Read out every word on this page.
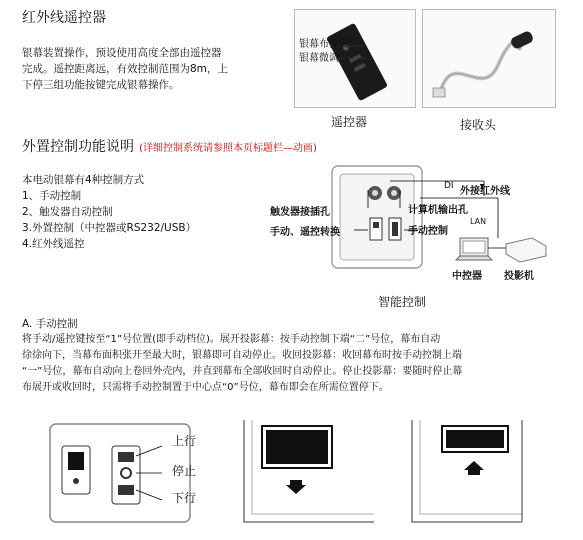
红外线遥控器
银幕装置操作，预设使用高度全部由遥控器
完成。遥控距离远，有效控制范围为8m，上
下停三组功能按键完成银幕操作。
银幕布控制
银幕微调
遥控器	接收头
外置控制功能说明 (详细控制系统请参照本页标题栏—动画)
本电动银幕有4种控制方式
1、手动控制
2、触发器自动控制
3.外置控制（中控器或RS232/USB）
4.红外线遥控
触发器接插孔
手动、遥控转换
DI 外接红外线
计算机输出孔
手动控制
LAN
中控器 投影机
智能控制
A. 手动控制
将手动/遥控键按至“1”号位置(即手动档位)。展开投影幕：按手动控制下端“二”号位，幕布自动
徐徐向下，当幕布面积张开至最大时，银幕即可自动停止。收回投影幕：收回幕布时按手动控制上端
“一”号位，幕布自动向上卷回外壳内，并直到幕布全部收回时自动停止。停止投影幕：要随时停止幕
布展开或收回时，只需将手动控制置于中心点“0”号位，幕布即会在所需位置停下。
上行
停止
下行
